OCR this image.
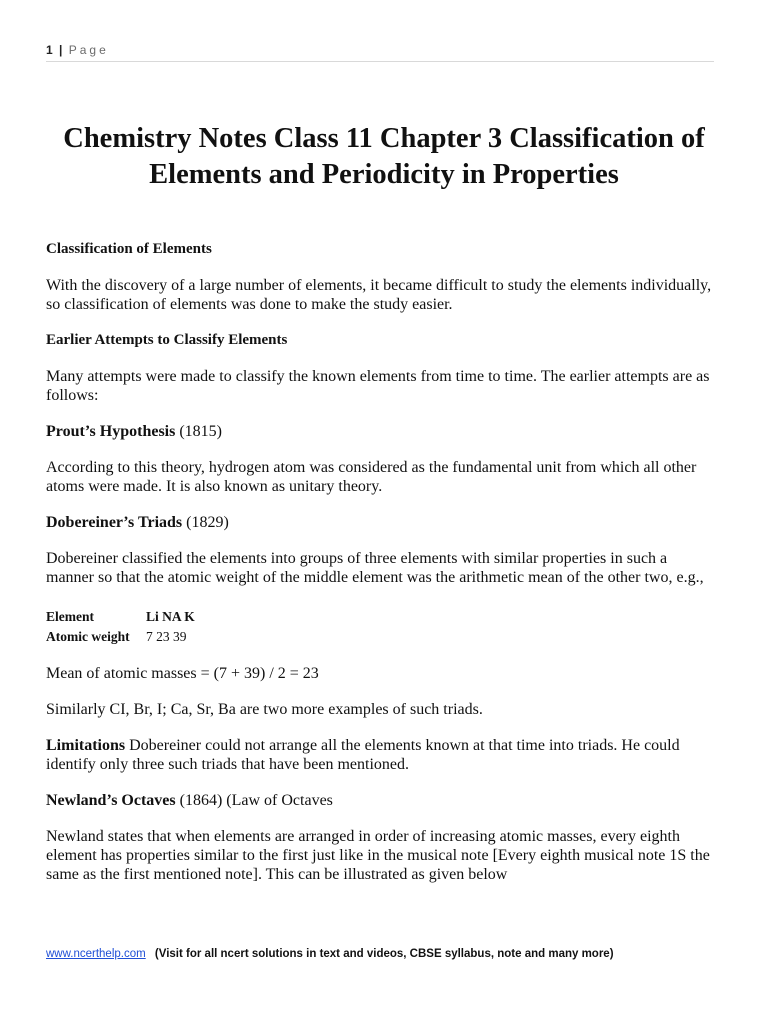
1 | Page
Chemistry Notes Class 11 Chapter 3 Classification of Elements and Periodicity in Properties

Classification of Elements

With the discovery of a large number of elements, it became difficult to study the elements individually, so classification of elements was done to make the study easier.

Earlier Attempts to Classify Elements

Many attempts were made to classify the known elements from time to time. The earlier attempts are as follows:

Prout’s Hypothesis (1815)

According to this theory, hydrogen atom was considered as the fundamental unit from which all other atoms were made. It is also known as unitary theory.

Dobereiner’s Triads (1829)

Dobereiner classified the elements into groups of three elements with similar properties in such a manner so that the atomic weight of the middle element was the arithmetic mean of the other two, e.g.,

Element	Li NA K
Atomic weight	7 23 39

Mean of atomic masses = (7 + 39) / 2 = 23

Similarly CI, Br, I; Ca, Sr, Ba are two more examples of such triads.

Limitations Dobereiner could not arrange all the elements known at that time into triads. He could identify only three such triads that have been mentioned.

Newland’s Octaves (1864) (Law of Octaves

Newland states that when elements are arranged in order of increasing atomic masses, every eighth element has properties similar to the first just like in the musical note [Every eighth musical note 1S the same as the first mentioned note]. This can be illustrated as given below

www.ncerthelp.com (Visit for all ncert solutions in text and videos, CBSE syllabus, note and many more)
